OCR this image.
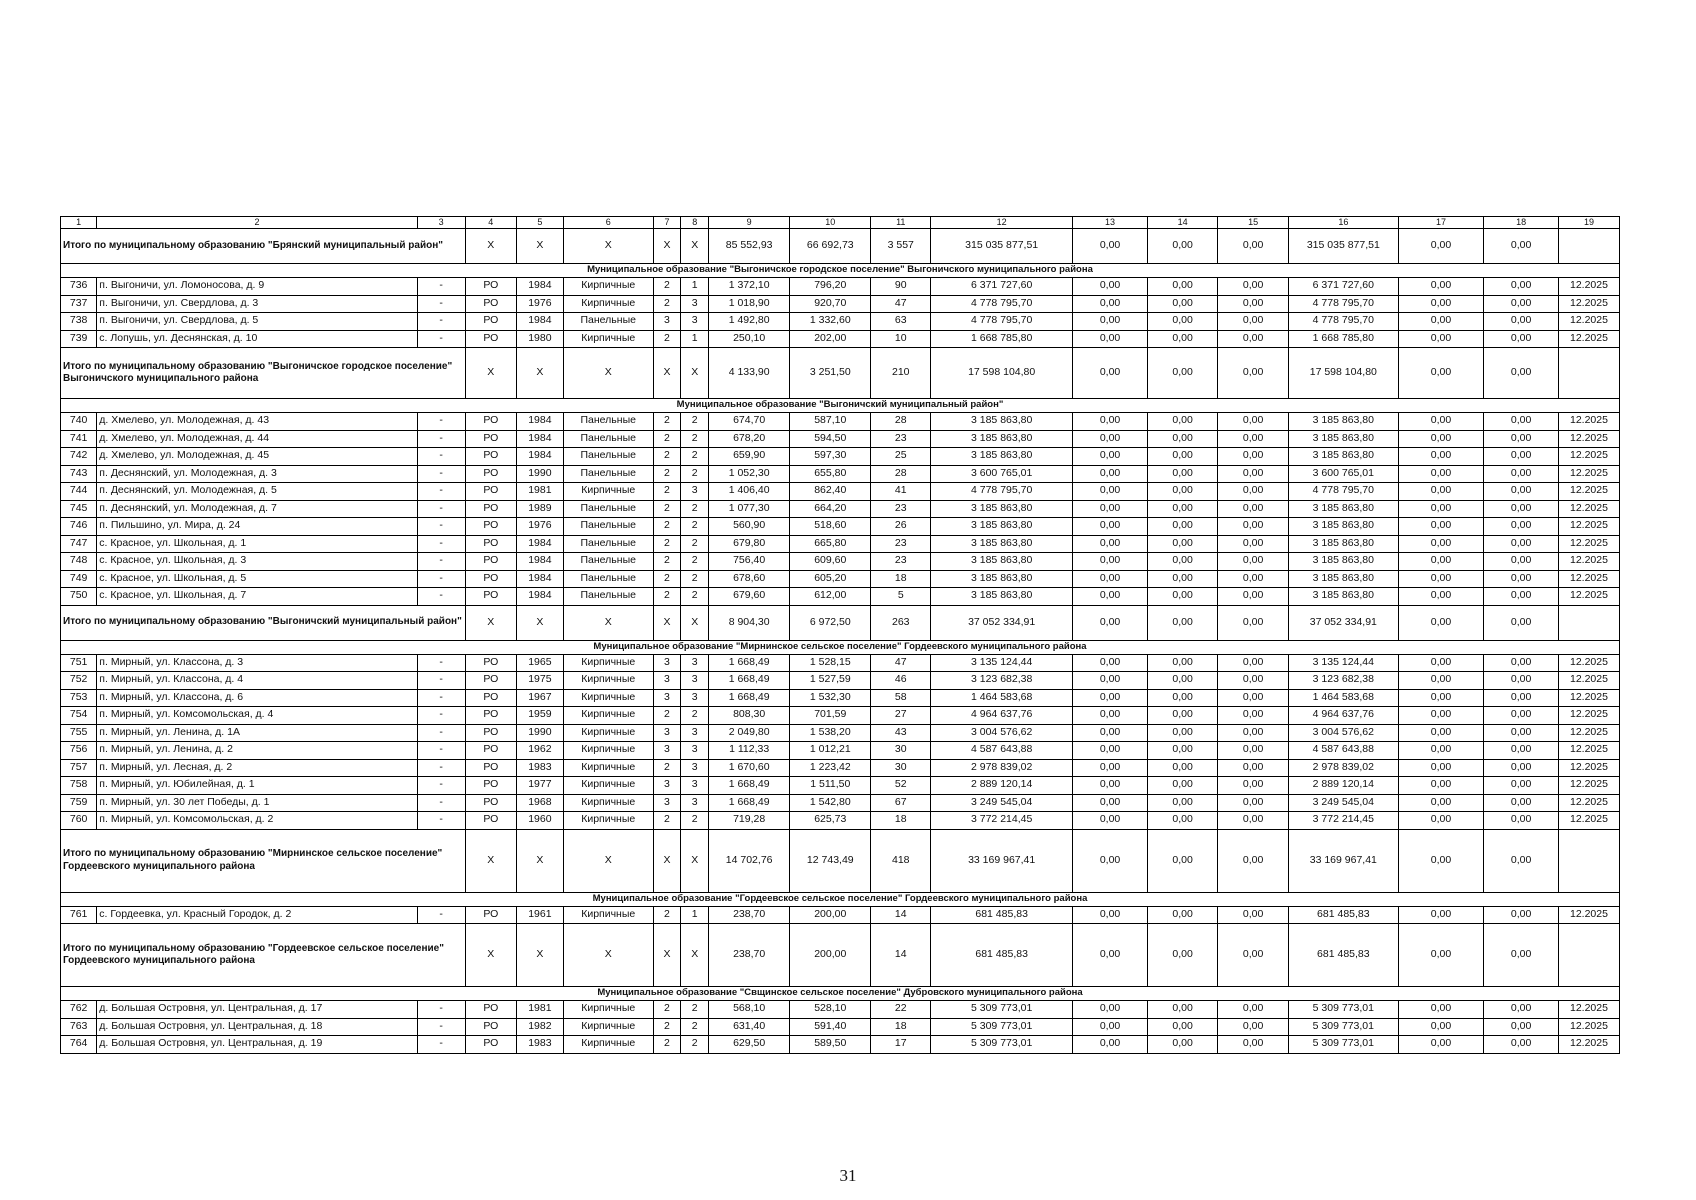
1	2	3	4	5	6	7	8	9	10	11	12	13	14	15	16	17	18	19
Итого по муниципальному образованию "Брянский муниципальный район"			X	X	X	X	X	85 552,93	66 692,73	3 557	315 035 877,51	0,00	0,00	0,00	315 035 877,51	0,00	0,00	
Муниципальное образование "Выгоничское городское поселение" Выгоничского муниципального района																		
736	п. Выгоничи, ул. Ломоносова, д. 9	-	РО	1984	Кирпичные	2	1	1 372,10	796,20	90	6 371 727,60	0,00	0,00	0,00	6 371 727,60	0,00	0,00	12.2025
737	п. Выгоничи, ул. Свердлова, д. 3	-	РО	1976	Кирпичные	2	3	1 018,90	920,70	47	4 778 795,70	0,00	0,00	0,00	4 778 795,70	0,00	0,00	12.2025
738	п. Выгоничи, ул. Свердлова, д. 5	-	РО	1984	Панельные	3	3	1 492,80	1 332,60	63	4 778 795,70	0,00	0,00	0,00	4 778 795,70	0,00	0,00	12.2025
739	с. Лопушь, ул. Деснянская, д. 10	-	РО	1980	Кирпичные	2	1	250,10	202,00	10	1 668 785,80	0,00	0,00	0,00	1 668 785,80	0,00	0,00	12.2025
Итого по муниципальному образованию "Выгоничское городское поселение" Выгоничского муниципального района			X	X	X	X	X	4 133,90	3 251,50	210	17 598 104,80	0,00	0,00	0,00	17 598 104,80	0,00	0,00	
Муниципальное образование "Выгоничский муниципальный район"																		
740	д. Хмелево, ул. Молодежная, д. 43	-	РО	1984	Панельные	2	2	674,70	587,10	28	3 185 863,80	0,00	0,00	0,00	3 185 863,80	0,00	0,00	12.2025
741	д. Хмелево, ул. Молодежная, д. 44	-	РО	1984	Панельные	2	2	678,20	594,50	23	3 185 863,80	0,00	0,00	0,00	3 185 863,80	0,00	0,00	12.2025
742	д. Хмелево, ул. Молодежная, д. 45	-	РО	1984	Панельные	2	2	659,90	597,30	25	3 185 863,80	0,00	0,00	0,00	3 185 863,80	0,00	0,00	12.2025
743	п. Деснянский, ул. Молодежная, д. 3	-	РО	1990	Панельные	2	2	1 052,30	655,80	28	3 600 765,01	0,00	0,00	0,00	3 600 765,01	0,00	0,00	12.2025
744	п. Деснянский, ул. Молодежная, д. 5	-	РО	1981	Кирпичные	2	3	1 406,40	862,40	41	4 778 795,70	0,00	0,00	0,00	4 778 795,70	0,00	0,00	12.2025
745	п. Деснянский, ул. Молодежная, д. 7	-	РО	1989	Панельные	2	2	1 077,30	664,20	23	3 185 863,80	0,00	0,00	0,00	3 185 863,80	0,00	0,00	12.2025
746	п. Пильшино, ул. Мира, д. 24	-	РО	1976	Панельные	2	2	560,90	518,60	26	3 185 863,80	0,00	0,00	0,00	3 185 863,80	0,00	0,00	12.2025
747	с. Красное, ул. Школьная, д. 1	-	РО	1984	Панельные	2	2	679,80	665,80	23	3 185 863,80	0,00	0,00	0,00	3 185 863,80	0,00	0,00	12.2025
748	с. Красное, ул. Школьная, д. 3	-	РО	1984	Панельные	2	2	756,40	609,60	23	3 185 863,80	0,00	0,00	0,00	3 185 863,80	0,00	0,00	12.2025
749	с. Красное, ул. Школьная, д. 5	-	РО	1984	Панельные	2	2	678,60	605,20	18	3 185 863,80	0,00	0,00	0,00	3 185 863,80	0,00	0,00	12.2025
750	с. Красное, ул. Школьная, д. 7	-	РО	1984	Панельные	2	2	679,60	612,00	5	3 185 863,80	0,00	0,00	0,00	3 185 863,80	0,00	0,00	12.2025
Итого по муниципальному образованию "Выгоничский муниципальный район"			X	X	X	X	X	8 904,30	6 972,50	263	37 052 334,91	0,00	0,00	0,00	37 052 334,91	0,00	0,00	
Муниципальное образование "Мирнинское сельское поселение" Гордеевского муниципального района																		
751	п. Мирный, ул. Классона, д. 3	-	РО	1965	Кирпичные	3	3	1 668,49	1 528,15	47	3 135 124,44	0,00	0,00	0,00	3 135 124,44	0,00	0,00	12.2025
752	п. Мирный, ул. Классона, д. 4	-	РО	1975	Кирпичные	3	3	1 668,49	1 527,59	46	3 123 682,38	0,00	0,00	0,00	3 123 682,38	0,00	0,00	12.2025
753	п. Мирный, ул. Классона, д. 6	-	РО	1967	Кирпичные	3	3	1 668,49	1 532,30	58	1 464 583,68	0,00	0,00	0,00	1 464 583,68	0,00	0,00	12.2025
754	п. Мирный, ул. Комсомольская, д. 4	-	РО	1959	Кирпичные	2	2	808,30	701,59	27	4 964 637,76	0,00	0,00	0,00	4 964 637,76	0,00	0,00	12.2025
755	п. Мирный, ул. Ленина, д. 1А	-	РО	1990	Кирпичные	3	3	2 049,80	1 538,20	43	3 004 576,62	0,00	0,00	0,00	3 004 576,62	0,00	0,00	12.2025
756	п. Мирный, ул. Ленина, д. 2	-	РО	1962	Кирпичные	3	3	1 112,33	1 012,21	30	4 587 643,88	0,00	0,00	0,00	4 587 643,88	0,00	0,00	12.2025
757	п. Мирный, ул. Лесная, д. 2	-	РО	1983	Кирпичные	2	3	1 670,60	1 223,42	30	2 978 839,02	0,00	0,00	0,00	2 978 839,02	0,00	0,00	12.2025
758	п. Мирный, ул. Юбилейная, д. 1	-	РО	1977	Кирпичные	3	3	1 668,49	1 511,50	52	2 889 120,14	0,00	0,00	0,00	2 889 120,14	0,00	0,00	12.2025
759	п. Мирный, ул. 30 лет Победы, д. 1	-	РО	1968	Кирпичные	3	3	1 668,49	1 542,80	67	3 249 545,04	0,00	0,00	0,00	3 249 545,04	0,00	0,00	12.2025
760	п. Мирный, ул. Комсомольская, д. 2	-	РО	1960	Кирпичные	2	2	719,28	625,73	18	3 772 214,45	0,00	0,00	0,00	3 772 214,45	0,00	0,00	12.2025
Итого по муниципальному образованию "Мирнинское сельское поселение" Гордеевского муниципального района			X	X	X	X	X	14 702,76	12 743,49	418	33 169 967,41	0,00	0,00	0,00	33 169 967,41	0,00	0,00	
Муниципальное образование "Гордеевское сельское поселение" Гордеевского муниципального района																		
761	с. Гордеевка, ул. Красный Городок, д. 2	-	РО	1961	Кирпичные	2	1	238,70	200,00	14	681 485,83	0,00	0,00	0,00	681 485,83	0,00	0,00	12.2025
Итого по муниципальному образованию "Гордеевское сельское поселение" Гордеевского муниципального района			X	X	X	X	X	238,70	200,00	14	681 485,83	0,00	0,00	0,00	681 485,83	0,00	0,00	
Муниципальное образование "Свщинское сельское поселение" Дубровского муниципального района																		
762	д. Большая Островня, ул. Центральная, д. 17	-	РО	1981	Кирпичные	2	2	568,10	528,10	22	5 309 773,01	0,00	0,00	0,00	5 309 773,01	0,00	0,00	12.2025
763	д. Большая Островня, ул. Центральная, д. 18	-	РО	1982	Кирпичные	2	2	631,40	591,40	18	5 309 773,01	0,00	0,00	0,00	5 309 773,01	0,00	0,00	12.2025
764	д. Большая Островня, ул. Центральная, д. 19	-	РО	1983	Кирпичные	2	2	629,50	589,50	17	5 309 773,01	0,00	0,00	0,00	5 309 773,01	0,00	0,00	12.2025
31
